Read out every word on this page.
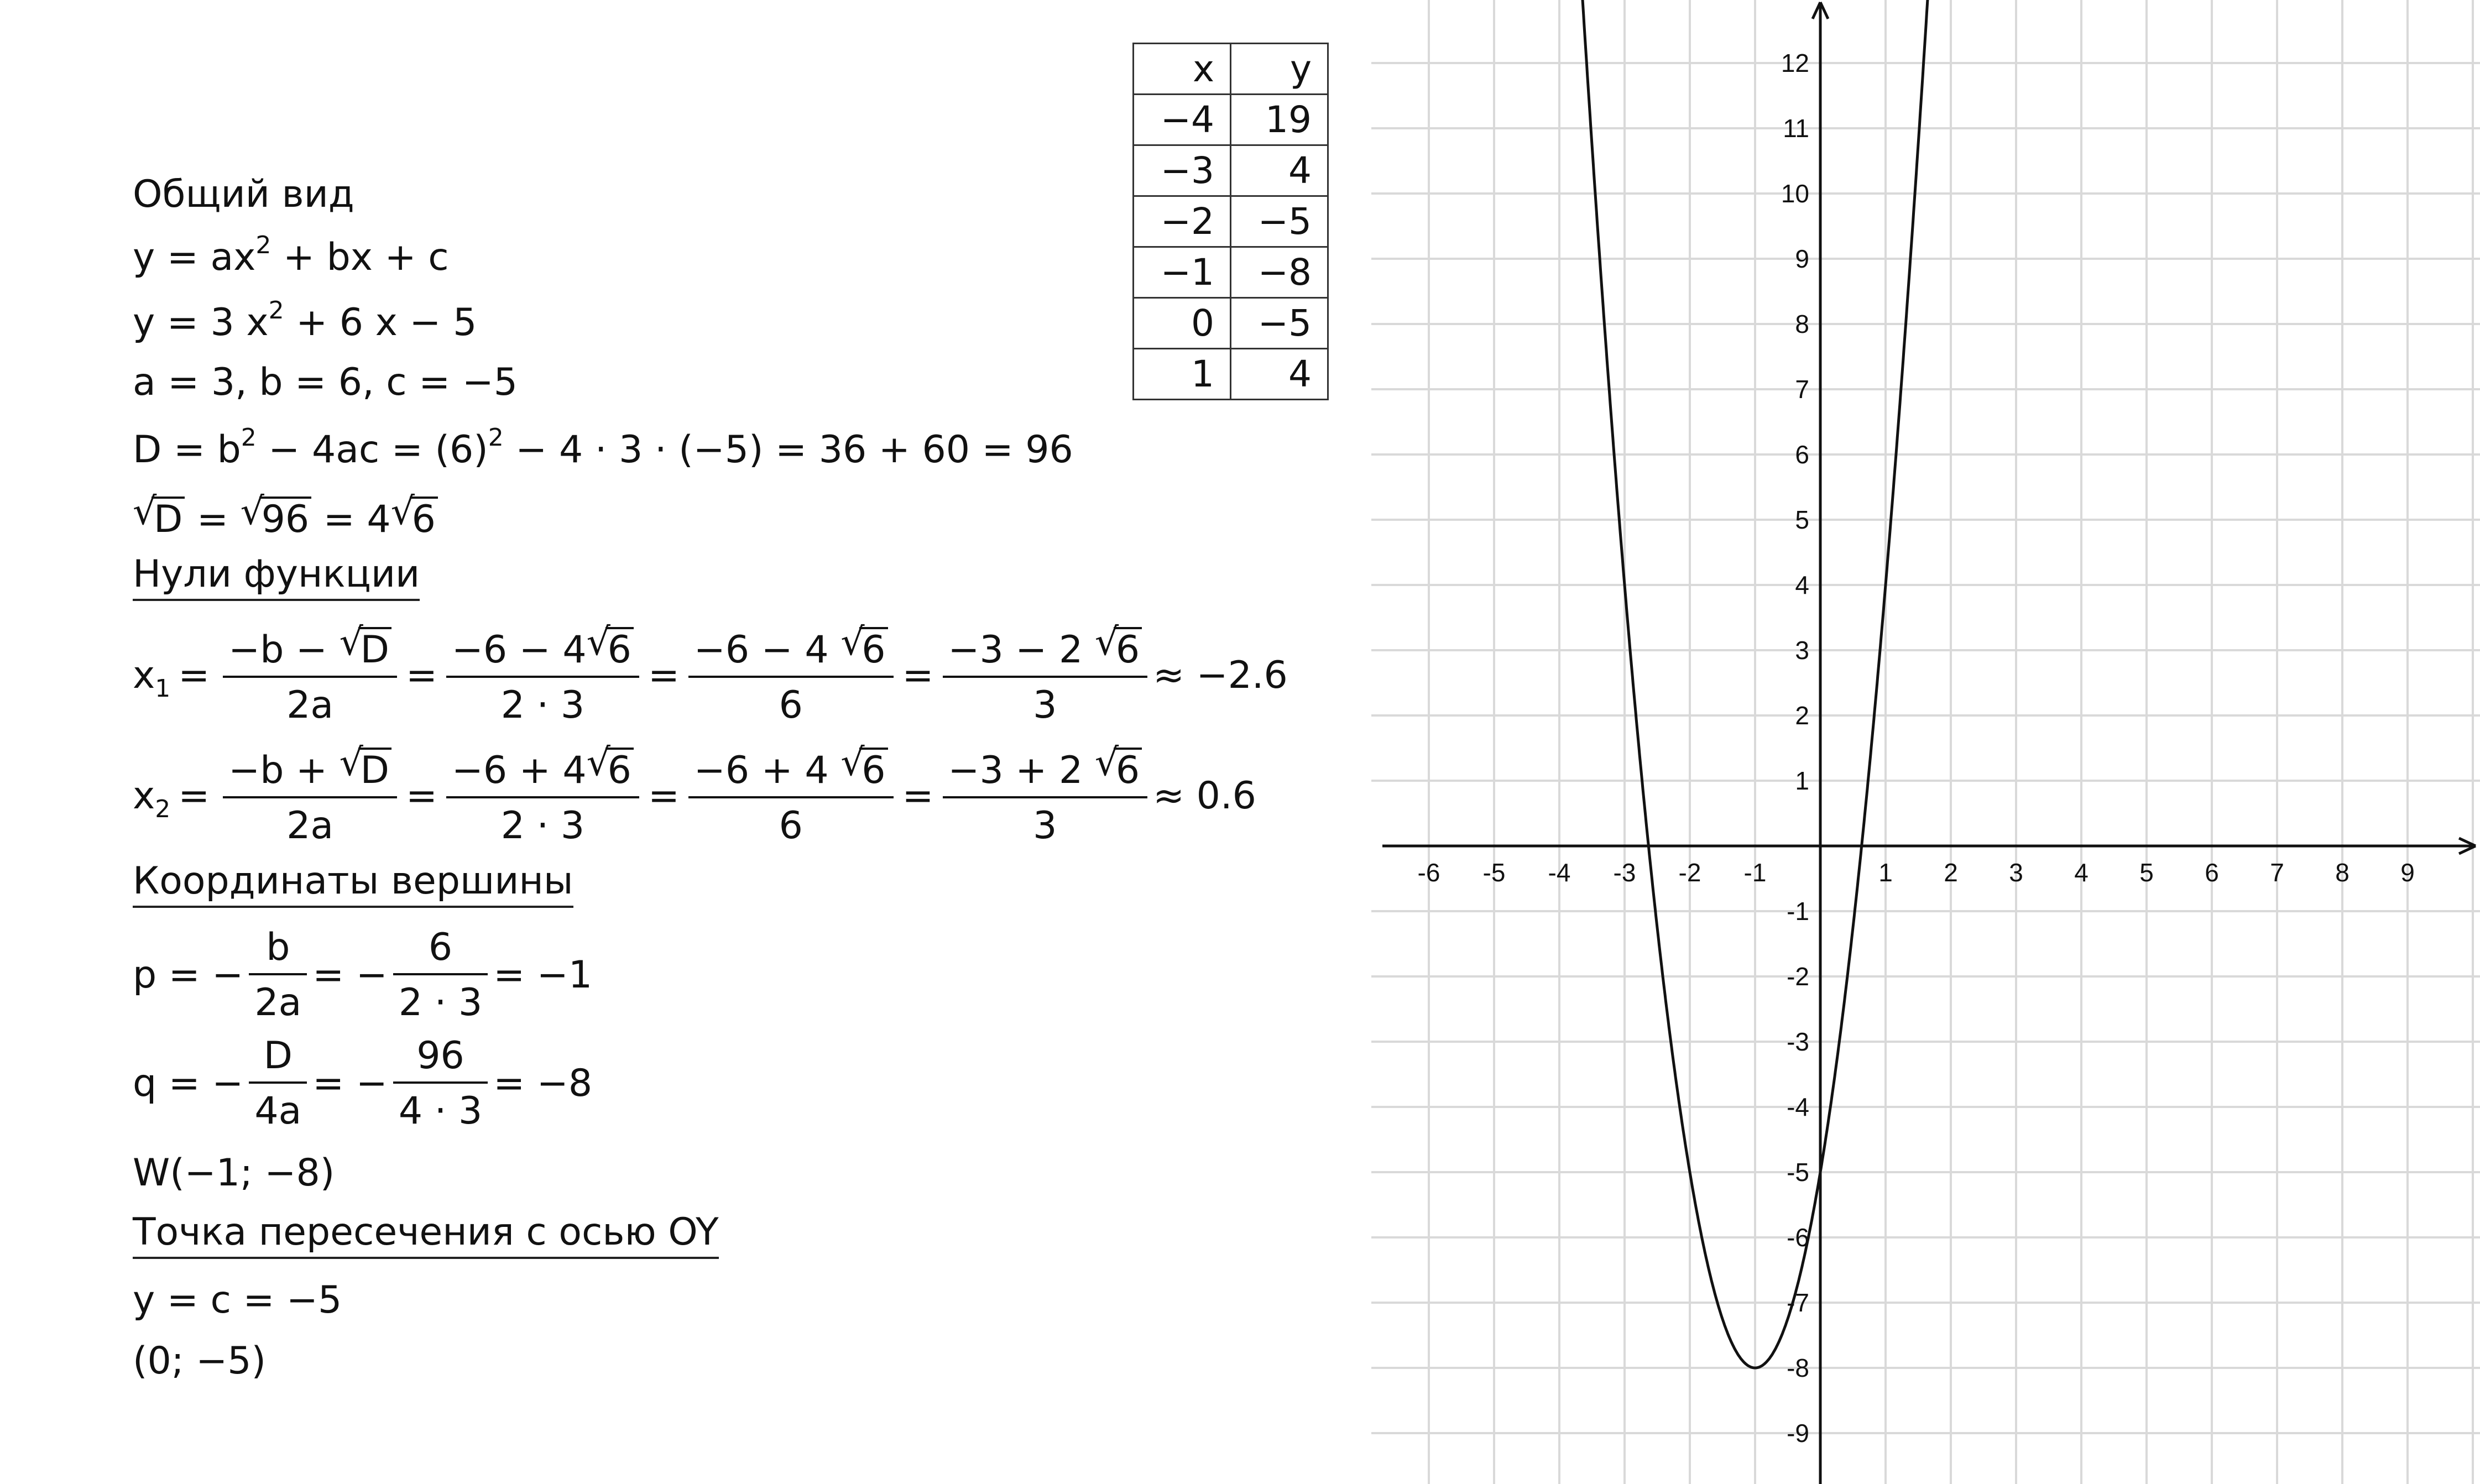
Общий вид
$y = ax^2$ + bx + c
y = 3 $x^2 + 6$ x − 5
a = 3, b = 6, c = −5
$D = b^2 - 4ac = (6)^2 - 4 \cdot 3 \cdot (-5) = 36 + 60 = 96$
√ D = √ 96 = 4 √ 6
Нули функции
$x_1 = \frac{-b - √ D}{2a} = \frac{-6 - 4 √ 6}{2 \cdot 3} = \frac{-6 - 4 √ 6}{6} = \frac{-3 - 2 √ 6}{3} \approx -2.6$
$x_2 = \frac{-b + √ D}{2a} = \frac{-6 + 4 √ 6}{2 \cdot 3} = \frac{-6 + 4 √ 6}{6} = \frac{-3 + 2 √ 6}{3} \approx 0.6$
Координаты вершины
p = − $\frac{b}{2a}$ = − $\frac{6}{2 \cdot 3} = -1$
q = − $\frac{D}{4a}$ = − $\frac{96}{4 \cdot 3} = -8$
W(−1; −8)
Точка пересечения с осью OY
y = c = −5
(0; −5)
x	y
−4	19
−3	4
−2	−5
−1	−8
0	−5
1	4
-6 -5 -4 -3 -2 -1	1 2 3 4 5 6 7 8 9
-9
-8
-7
-6
-5
-4
-3
-2
-1
1
2
3
4
5
6
7
8
9
10
11
12
